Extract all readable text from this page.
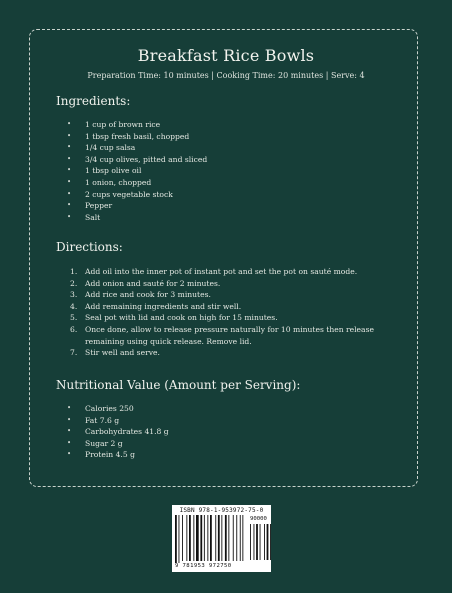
Breakfast Rice Bowls
Preparation Time: 10 minutes | Cooking Time: 20 minutes | Serve: 4
Ingredients:
• 1 cup of brown rice
• 1 tbsp fresh basil, chopped
• 1/4 cup salsa
• 3/4 cup olives, pitted and sliced
• 1 tbsp olive oil
• 1 onion, chopped
• 2 cups vegetable stock
• Pepper
• Salt
Directions:
1. Add oil into the inner pot of instant pot and set the pot on sauté mode.
2. Add onion and sauté for 2 minutes.
3. Add rice and cook for 3 minutes.
4. Add remaining ingredients and stir well.
5. Seal pot with lid and cook on high for 15 minutes.
6. Once done, allow to release pressure naturally for 10 minutes then release remaining using quick release. Remove lid.
7. Stir well and serve.
Nutritional Value (Amount per Serving):
• Calories 250
• Fat 7.6 g
• Carbohydrates 41.8 g
• Sugar 2 g
• Protein 4.5 g
ISBN 978-1-953972-75-0
90000
9 781953 972750
